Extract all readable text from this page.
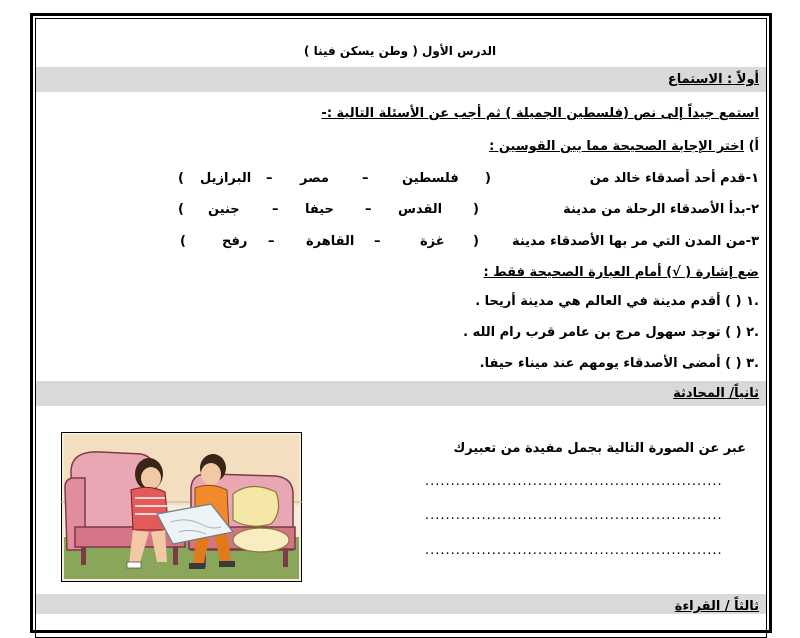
الدرس الأول ( وطن يسكن فينا )
أولاً : الاستماع
استمع جيداً إلى نص (فلسطين الجميلة ) ثم أجب عن الأسئلة التالية :-
أ) اختر الإجابة الصحيحة مما بين القوسين :
١-قدم أحد أصدقاء خالد من
(
فلسطين
–
مصر
–
البرازيل
)
٢-بدأ الأصدقاء الرحلة من مدينة
(
القدس
–
حيفا
–
جنين
)
٣-من المدن التي مر بها الأصدقاء مدينة
(
غزة
–
القاهرة
–
رفح
)
ضع إشارة ( √) أمام العبارة الصحيحة فقط :
.١ ( ) أقدم مدينة في العالم هي مدينة أريحا .
.٢ ( ) توجد سهول مرج بن عامر قرب رام الله .
.٣ ( ) أمضى الأصدقاء يومهم عند ميناء حيفا.
ثانياً/ المحادثة
عبر عن الصورة التالية بجمل مفيدة من تعبيرك
..........................................................
..........................................................
..........................................................
ثالثاً / القراءة
